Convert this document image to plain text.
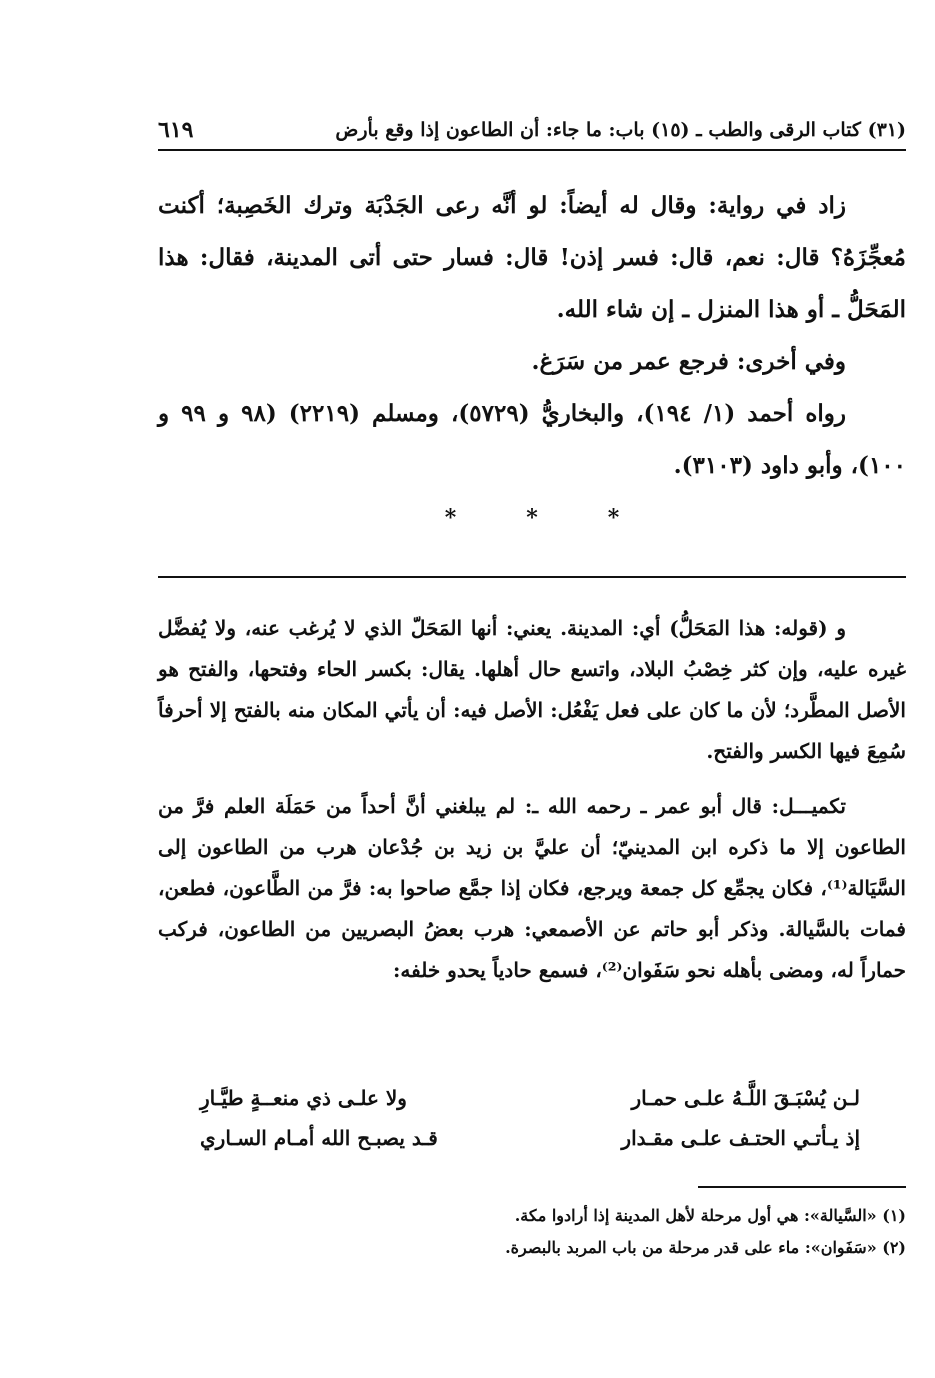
(٣١) كتاب الرقى والطب ـ (١٥) باب: ما جاء: أن الطاعون إذا وقع بأرض
٦١٩

زاد في رواية: وقال له أيضاً: لو أنَّه رعى الجَدْبَة وترك الخَصِبة؛ أكنت مُعجِّزَهُ؟ قال: نعم، قال: فسر إذن! قال: فسار حتى أتى المدينة، فقال: هذا المَحَلُّ ـ أو هذا المنزل ـ إن شاء الله.

وفي أخرى: فرجع عمر من سَرَغ.

رواه أحمد (١/ ١٩٤)، والبخاريُّ (٥٧٢٩)، ومسلم (٢٢١٩) (٩٨ و ٩٩ و ١٠٠)، وأبو داود (٣١٠٣).

*	*	*

و (قوله: هذا المَحَلُّ) أي: المدينة. يعني: أنها المَحَلّ الذي لا يُرغب عنه، ولا يُفضَّل غيره عليه، وإن كثر خِصْبُ البلاد، واتسع حال أهلها. يقال: بكسر الحاء وفتحها، والفتح هو الأصل المطَّرد؛ لأن ما كان على فعل يَفْعُل: الأصل فيه: أن يأتي المكان منه بالفتح إلا أحرفاً سُمِعَ فيها الكسر والفتح.

تكميـــل: قال أبو عمر ـ رحمه الله ـ: لم يبلغني أنَّ أحداً من حَمَلَة العلم فرَّ من الطاعون إلا ما ذكره ابن المدينيّ؛ أن عليَّ بن زيد بن جُدْعان هرب من الطاعون إلى السَّيَالة⁽¹⁾، فكان يجمِّع كل جمعة ويرجع، فكان إذا جمَّع صاحوا به: فرَّ من الطَّاعون، فطعن، فمات بالسَّيالة. وذكر أبو حاتم عن الأصمعي: هرب بعضُ البصريين من الطاعون، فركب حماراً له، ومضى بأهله نحو سَفَوان⁽²⁾، فسمع حادياً يحدو خلفه:

لـن يُسْبَـقَ اللَّـهُ علـى حمـار
ولا علـى ذي منعــةٍ طيَّـارِ
إذ يـأتـي الحتـف علـى مقـدار
قـد يصبـح الله أمـام السـاري

(١) «السَّيالة»: هي أول مرحلة لأهل المدينة إذا أرادوا مكة.

(٢) «سَفَوان»: ماء على قدر مرحلة من باب المربد بالبصرة.
